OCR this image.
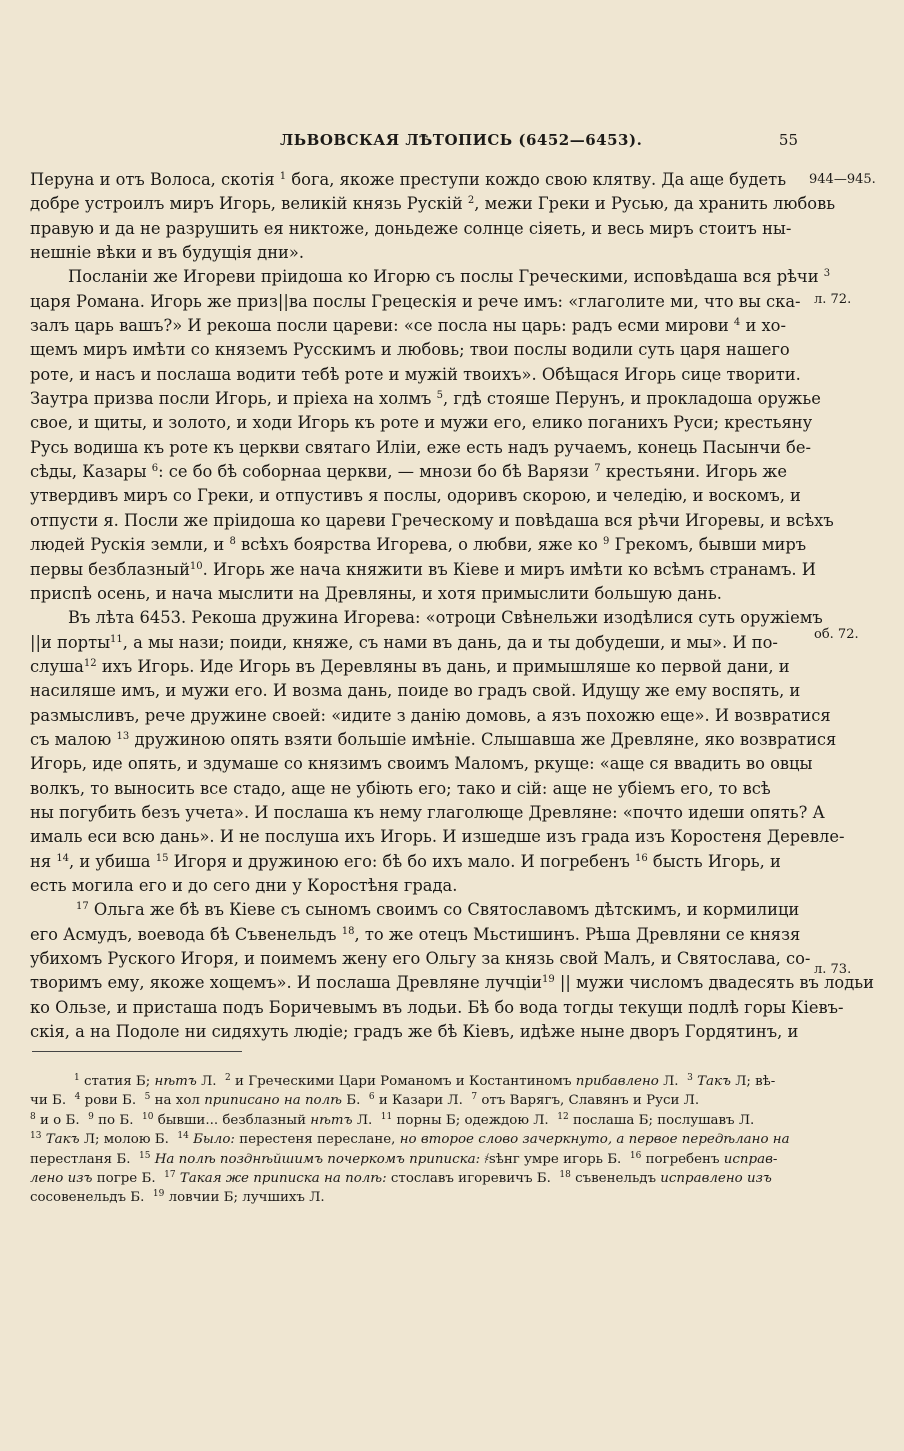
ЛЬВОВСКАЯ ЛѢТОПИСЬ (6452—6453).	55
944—945.
л. 72.
об. 72.
л. 73.
Перуна и отъ Волоса, скотія $^1$ бога, якоже преступи кождо свою клятву. Да аще будеть
добре устроилъ миръ Игорь, великій князь Рускій $^2$, межи Греки и Русью, да хранить любовь
правую и да не разрушить ея никтоже, доньдеже солнце сіяеть, и весь миръ стоитъ ны-
нешніе вѣки и въ будущія дни».
Посланіи же Игореви пріидоша ко Игорю съ послы Греческими, исповѣдаша вся рѣчи $^3$
царя Романа. Игорь же приз||ва послы Грецескія и рече имъ: «глаголите ми, что вы ска-
залъ царь вашъ?» И рекоша посли цареви: «се посла ны царь: радъ есми мирови $^4$ и хо-
щемъ миръ имѣти со княземъ Русскимъ и любовь; твои послы водили суть царя нашего
роте, и насъ и послаша водити тебѣ роте и мужій твоихъ». Обѣщася Игорь сице творити.
Заутра призва посли Игорь, и пріеха на холмъ $^5$, гдѣ стояше Перунъ, и прокладоша оружье
свое, и щиты, и золото, и ходи Игорь къ роте и мужи его, елико поганихъ Руси; крестьяну
Русь водиша къ роте къ церкви святаго Иліи, еже есть надъ ручаемъ, конець Пасынчи бе-
сѣды, Казары $^6$: се бо бѣ соборнаа церкви, — мнози бо бѣ Варязи $^7$ крестьяни. Игорь же
утвердивъ миръ со Греки, и отпустивъ я послы, одоривъ скорою, и челедію, и воскомъ, и
отпусти я. Посли же пріидоша ко цареви Греческому и повѣдаша вся рѣчи Игоревы, и всѣхъ
людей Рускія земли, и $^8$ всѣхъ боярства Игорева, о любви, яже ко $^9$ Грекомъ, бывши миръ
первы безблазный$^{10}$. Игорь же нача княжити въ Кіеве и миръ имѣти ко всѣмъ странамъ. И
приспѣ осень, и нача мыслити на Древляны, и хотя примыслити большую дань.
Въ лѣта 6453. Рекоша дружина Игорева: «отроци Свѣнельжи изодѣлися суть оружіемъ
||и порты$^{11}$, а мы нази; поиди, княже, съ нами въ дань, да и ты добудеши, и мы». И по-
слуша$^{12}$ ихъ Игорь. Иде Игорь въ Деревляны въ дань, и примышляше ко первой дани, и
насиляше имъ, и мужи его. И возма дань, поиде во градъ свой. Идущу же ему воспять, и
размысливъ, рече дружине своей: «идите з данію домовь, а язъ похожю еще». И возвратися
съ малою $^{13}$ дружиною опять взяти большіе имѣніе. Слышавша же Древляне, яко возвратися
Игорь, иде опять, и здумаше со князимъ своимъ Маломъ, ркуще: «аще ся ввадить во овцы
волкъ, то выносить все стадо, аще не убіють его; тако и сій: аще не убіемъ его, то всѣ
ны погубить безъ учета». И послаша къ нему глаголюще Древляне: «почто идеши опять? А
ималь еси всю дань». И не послуша ихъ Игорь. И изшедше изъ града изъ Коростеня Деревле-
ня $^{14}$, и убиша $^{15}$ Игоря и дружиною его: бѣ бо ихъ мало. И погребенъ $^{16}$ бысть Игорь, и
есть могила его и до сего дни у Коростѣня града.
$^{17}$ Ольга же бѣ въ Кіеве съ сыномъ своимъ со Святославомъ дѣтскимъ, и кормилици
его Асмудъ, воевода бѣ Съвенельдъ $^{18}$, то же отецъ Мьстишинъ. Рѣша Древляни се князя
убихомъ Руского Игоря, и поимемъ жену его Ольгу за князь свой Малъ, и Святослава, со-
творимъ ему, якоже хощемъ». И послаша Древляне лучціи$^{19}$ || мужи числомъ двадесять въ лодьи
ко Ользе, и присташа подъ Боричевымъ въ лодьи. Бѣ бо вода тогды текущи подлѣ горы Кіевъ-
скія, а на Подоле ни сидяхуть людіе; градъ же бѣ Кіевъ, идѣже ныне дворъ Гордятинъ, и
$^1$ статия Б; нѣтъ Л. $^2$ и Греческими Цари Романомъ и Костантиномъ прибавлено Л. $^3$ Такъ Л; вѣ-
чи Б. $^4$ рови Б. $^5$ на хол приписано на полѣ Б. $^6$ и Казари Л. $^7$ отъ Варягъ, Славянъ и Руси Л.
$^8$ и о Б. $^9$ по Б. $^{10}$ бывши... безблазный нѣтъ Л. $^{11}$ порны Б; одеждою Л. $^{12}$ послаша Б; послушавъ Л.
$^{13}$ Такъ Л; молою Б. $^{14}$ Было: перестеня переслане, но второе слово зачеркнуто, а первое передѣлано на
перестланя Б. $^{15}$ На полѣ позднѣйшимъ почеркомъ приписка: ҂sѣнг умре игорь Б. $^{16}$ погребенъ исправ-
лено изъ погре Б. $^{17}$ Такая же приписка на полѣ: стославъ игоревичъ Б. $^{18}$ съвенельдъ исправлено изъ
сосовенельдъ Б. $^{19}$ ловчии Б; лучшихъ Л.
